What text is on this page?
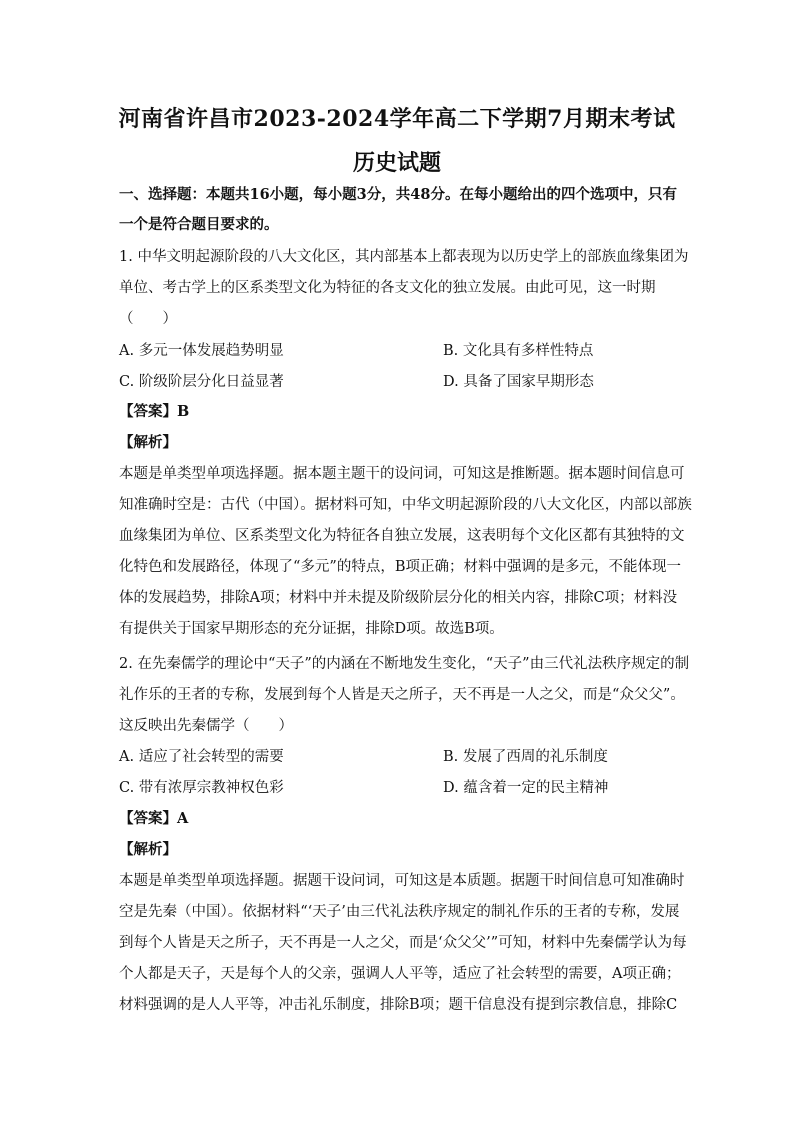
河南省许昌市2023-2024学年高二下学期7月期末考试
历史试题
一、选择题：本题共16小题，每小题3分，共48分。在每小题给出的四个选项中，只有
一个是符合题目要求的。
1. 中华文明起源阶段的八大文化区，其内部基本上都表现为以历史学上的部族血缘集团为
单位、考古学上的区系类型文化为特征的各支文化的独立发展。由此可见，这一时期
（　　）
A. 多元一体发展趋势明显	B. 文化具有多样性特点
C. 阶级阶层分化日益显著	D. 具备了国家早期形态
【答案】B
【解析】
本题是单类型单项选择题。据本题主题干的设问词，可知这是推断题。据本题时间信息可
知准确时空是：古代（中国）。据材料可知，中华文明起源阶段的八大文化区，内部以部族
血缘集团为单位、区系类型文化为特征各自独立发展，这表明每个文化区都有其独特的文
化特色和发展路径，体现了“多元”的特点，B项正确；材料中强调的是多元，不能体现一
体的发展趋势，排除A项；材料中并未提及阶级阶层分化的相关内容，排除C项；材料没
有提供关于国家早期形态的充分证据，排除D项。故选B项。
2. 在先秦儒学的理论中“天子”的内涵在不断地发生变化，“天子”由三代礼法秩序规定的制
礼作乐的王者的专称，发展到每个人皆是天之所子，天不再是一人之父，而是“众父父”。
这反映出先秦儒学（　　）
A. 适应了社会转型的需要	B. 发展了西周的礼乐制度
C. 带有浓厚宗教神权色彩	D. 蕴含着一定的民主精神
【答案】A
【解析】
本题是单类型单项选择题。据题干设问词，可知这是本质题。据题干时间信息可知准确时
空是先秦（中国）。依据材料“‘天子’由三代礼法秩序规定的制礼作乐的王者的专称，发展
到每个人皆是天之所子，天不再是一人之父，而是‘众父父’”可知，材料中先秦儒学认为每
个人都是天子，天是每个人的父亲，强调人人平等，适应了社会转型的需要，A项正确；
材料强调的是人人平等，冲击礼乐制度，排除B项；题干信息没有提到宗教信息，排除C
